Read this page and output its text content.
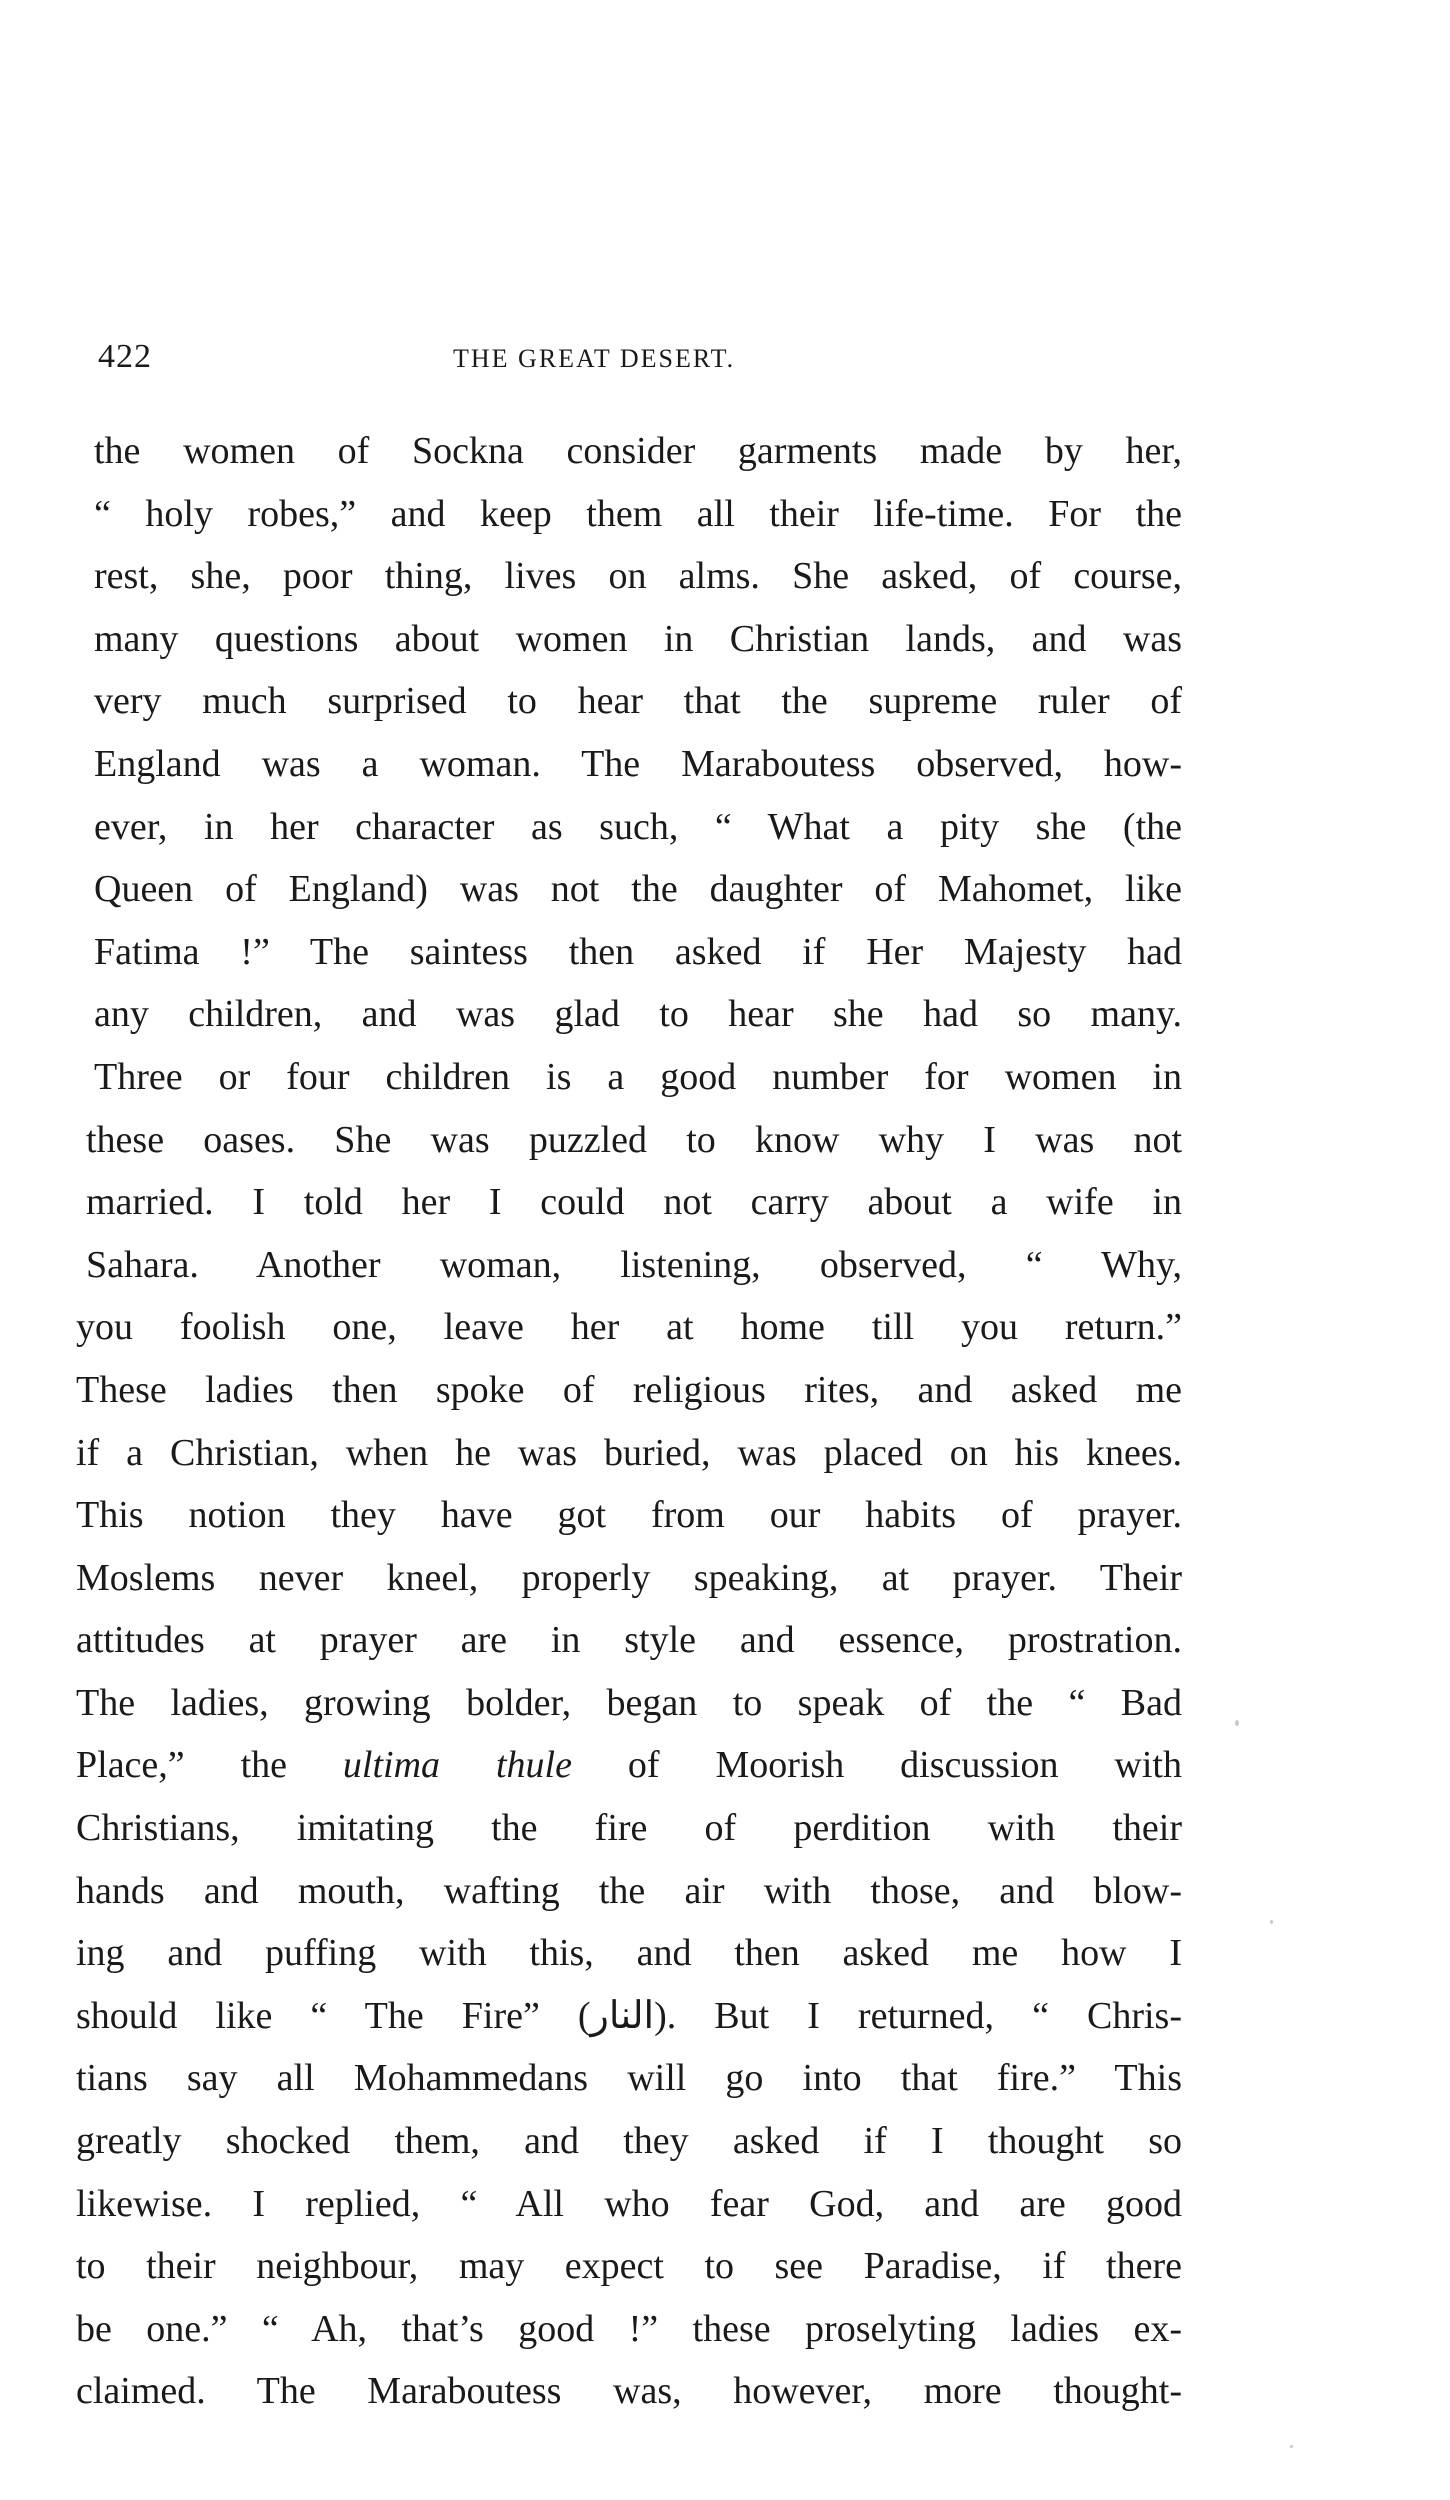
422	THE GREAT DESERT.
the women of Sockna consider garments made by her,
“ holy robes,” and keep them all their life-time. For the
rest, she, poor thing, lives on alms. She asked, of course,
many questions about women in Christian lands, and was
very much surprised to hear that the supreme ruler of
England was a woman. The Maraboutess observed, how-
ever, in her character as such, “ What a pity she (the
Queen of England) was not the daughter of Mahomet, like
Fatima !” The saintess then asked if Her Majesty had
any children, and was glad to hear she had so many.
Three or four children is a good number for women in
these oases. She was puzzled to know why I was not
married. I told her I could not carry about a wife in
Sahara. Another woman, listening, observed, “ Why,
you foolish one, leave her at home till you return.”
These ladies then spoke of religious rites, and asked me
if a Christian, when he was buried, was placed on his knees.
This notion they have got from our habits of prayer.
Moslems never kneel, properly speaking, at prayer. Their
attitudes at prayer are in style and essence, prostration.
The ladies, growing bolder, began to speak of the “ Bad
Place,” the ultima thule of Moorish discussion with
Christians, imitating the fire of perdition with their
hands and mouth, wafting the air with those, and blow-
ing and puffing with this, and then asked me how I
should like “ The Fire” (النار). But I returned, “ Chris-
tians say all Mohammedans will go into that fire.” This
greatly shocked them, and they asked if I thought so
likewise. I replied, “ All who fear God, and are good
to their neighbour, may expect to see Paradise, if there
be one.” “ Ah, that’s good !” these proselyting ladies ex-
claimed. The Maraboutess was, however, more thought-
